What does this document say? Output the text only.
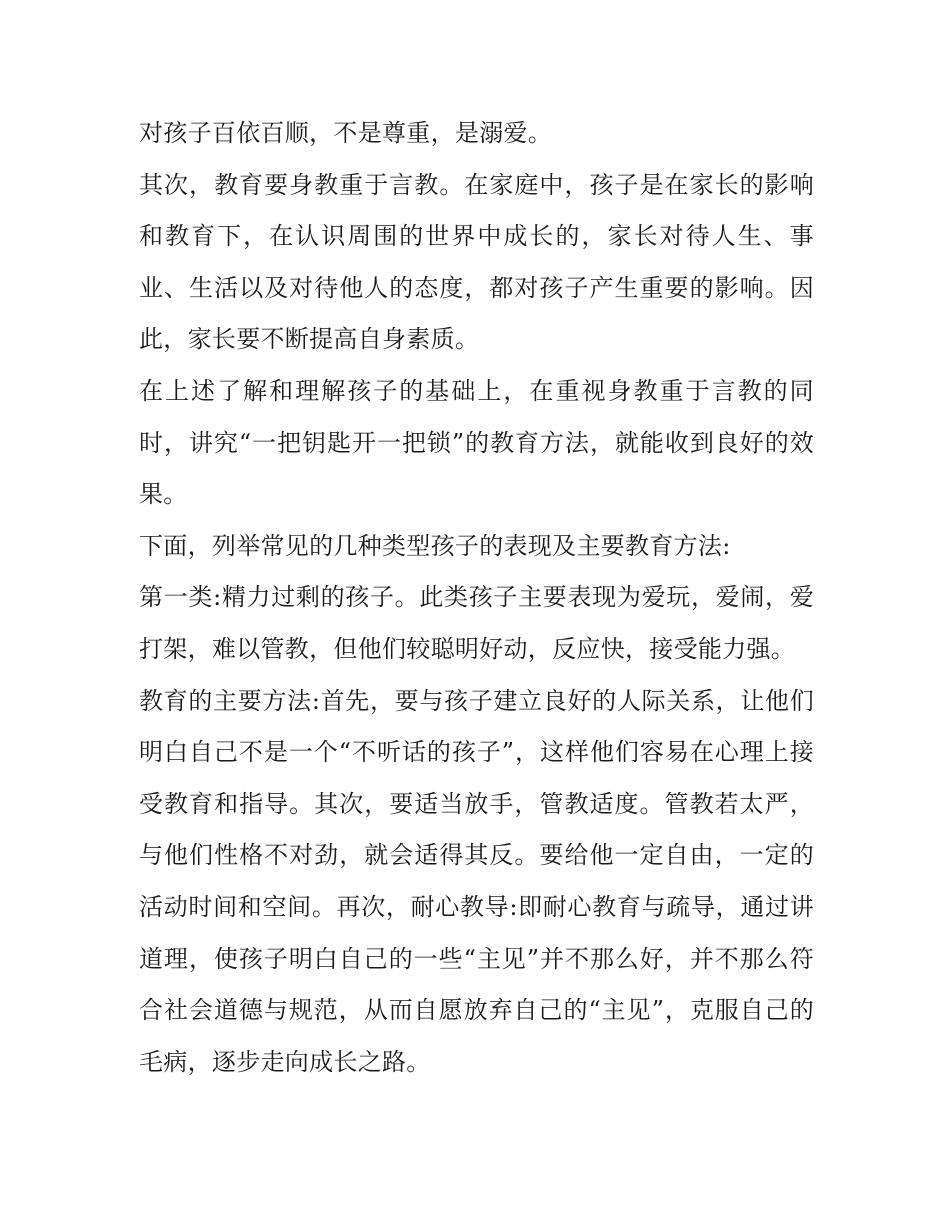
对孩子百依百顺，不是尊重，是溺爱。

其次，教育要身教重于言教。在家庭中，孩子是在家长的影响和教育下，在认识周围的世界中成长的，家长对待人生、事业、生活以及对待他人的态度，都对孩子产生重要的影响。因此，家长要不断提高自身素质。

在上述了解和理解孩子的基础上，在重视身教重于言教的同时，讲究“一把钥匙开一把锁”的教育方法，就能收到良好的效果。

下面，列举常见的几种类型孩子的表现及主要教育方法:

第一类:精力过剩的孩子。此类孩子主要表现为爱玩，爱闹，爱打架，难以管教，但他们较聪明好动，反应快，接受能力强。

教育的主要方法:首先，要与孩子建立良好的人际关系，让他们明白自己不是一个“不听话的孩子”，这样他们容易在心理上接受教育和指导。其次，要适当放手，管教适度。管教若太严，与他们性格不对劲，就会适得其反。要给他一定自由，一定的活动时间和空间。再次，耐心教导:即耐心教育与疏导，通过讲道理，使孩子明白自己的一些“主见”并不那么好，并不那么符合社会道德与规范，从而自愿放弃自己的“主见”，克服自己的毛病，逐步走向成长之路。
